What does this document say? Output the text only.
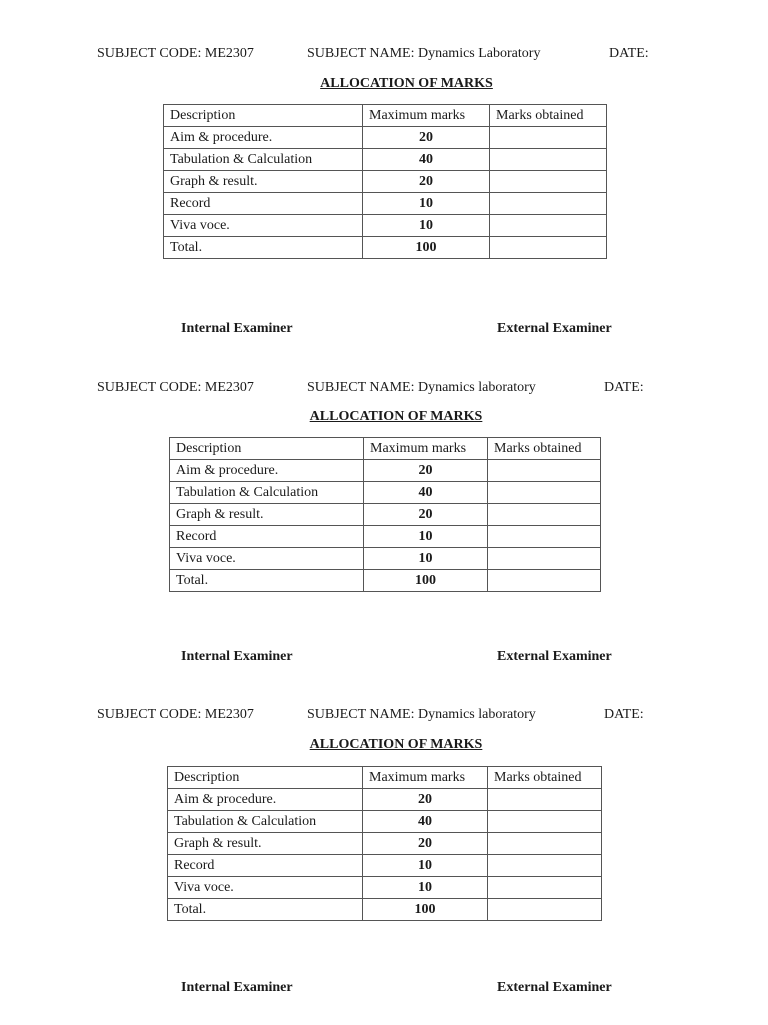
SUBJECT CODE: ME2307	SUBJECT NAME: Dynamics Laboratory	DATE:
ALLOCATION OF MARKS
Description	Maximum marks	Marks obtained
Aim & procedure.	20	
Tabulation & Calculation	40	
Graph & result.	20	
Record	10	
Viva voce.	10	
Total.	100	
Internal Examiner	External Examiner
SUBJECT CODE: ME2307	SUBJECT NAME: Dynamics laboratory	DATE:
ALLOCATION OF MARKS
Description	Maximum marks	Marks obtained
Aim & procedure.	20	
Tabulation & Calculation	40	
Graph & result.	20	
Record	10	
Viva voce.	10	
Total.	100	
Internal Examiner	External Examiner
SUBJECT CODE: ME2307	SUBJECT NAME: Dynamics laboratory	DATE:
ALLOCATION OF MARKS
Description	Maximum marks	Marks obtained
Aim & procedure.	20	
Tabulation & Calculation	40	
Graph & result.	20	
Record	10	
Viva voce.	10	
Total.	100	
Internal Examiner	External Examiner
